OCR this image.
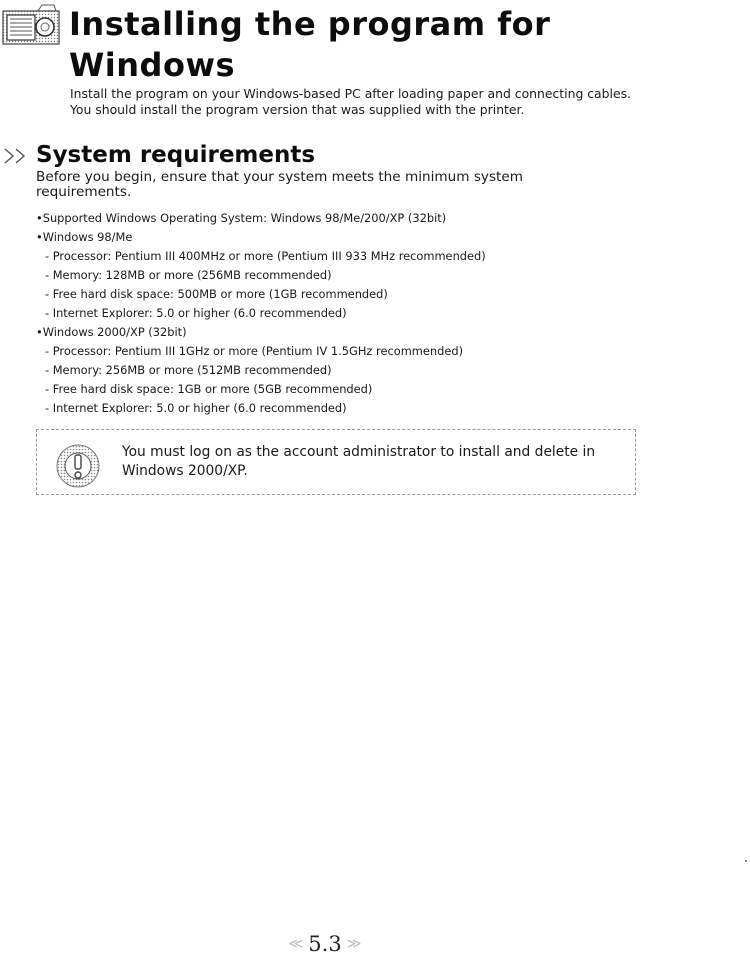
Installing the program for
Windows

Install the program on your Windows-based PC after loading paper and connecting cables. You should install the program version that was supplied with the printer.

System requirements

Before you begin, ensure that your system meets the minimum system requirements.

•Supported Windows Operating System: Windows 98/Me/200/XP (32bit)
•Windows 98/Me
- Processor: Pentium III 400MHz or more (Pentium III 933 MHz recommended)
- Memory: 128MB or more (256MB recommended)
- Free hard disk space: 500MB or more (1GB recommended)
- Internet Explorer: 5.0 or higher (6.0 recommended)
•Windows 2000/XP (32bit)
- Processor: Pentium III 1GHz or more (Pentium IV 1.5GHz recommended)
- Memory: 256MB or more (512MB recommended)
- Free hard disk space: 1GB or more (5GB recommended)
- Internet Explorer: 5.0 or higher (6.0 recommended)

You must log on as the account administrator to install and delete in Windows 2000/XP.

≪ 5.3 ≫
